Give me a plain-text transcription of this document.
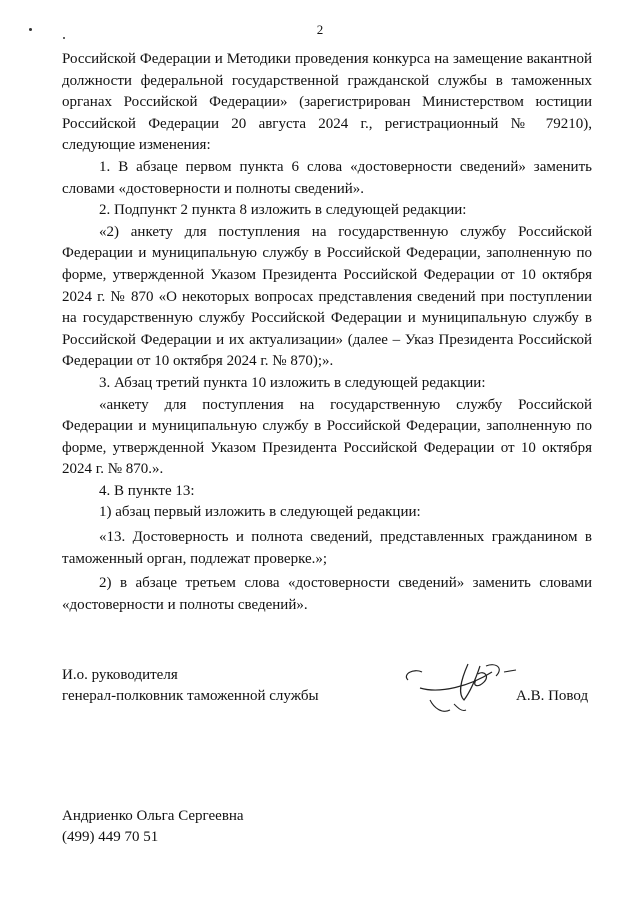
2

Российской Федерации и Методики проведения конкурса на замещение вакантной должности федеральной государственной гражданской службы в таможенных органах Российской Федерации» (зарегистрирован Министерством юстиции Российской Федерации 20 августа 2024 г., регистрационный № 79210), следующие изменения:

1. В абзаце первом пункта 6 слова «достоверности сведений» заменить словами «достоверности и полноты сведений».

2. Подпункт 2 пункта 8 изложить в следующей редакции:

«2) анкету для поступления на государственную службу Российской Федерации и муниципальную службу в Российской Федерации, заполненную по форме, утвержденной Указом Президента Российской Федерации от 10 октября 2024 г. № 870 «О некоторых вопросах представления сведений при поступлении на государственную службу Российской Федерации и муниципальную службу в Российской Федерации и их актуализации» (далее – Указ Президента Российской Федерации от 10 октября 2024 г. № 870);».

3. Абзац третий пункта 10 изложить в следующей редакции:

«анкету для поступления на государственную службу Российской Федерации и муниципальную службу в Российской Федерации, заполненную по форме, утвержденной Указом Президента Российской Федерации от 10 октября 2024 г. № 870.».

4. В пункте 13:

1) абзац первый изложить в следующей редакции:

«13. Достоверность и полнота сведений, представленных гражданином в таможенный орган, подлежат проверке.»;

2) в абзаце третьем слова «достоверности сведений» заменить словами «достоверности и полноты сведений».

И.о. руководителя
генерал-полковник таможенной службы	А.В. Повод
Андриенко Ольга Сергеевна
(499) 449 70 51
